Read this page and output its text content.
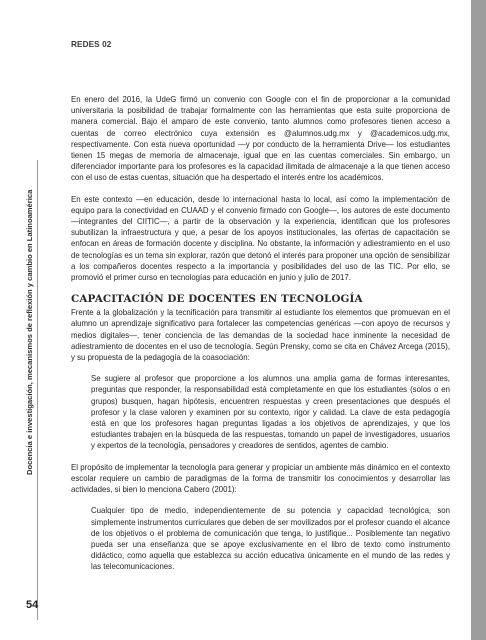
REDES 02
Docencia e investigación, mecanismos de reflexión y cambio en Latinoamérica

En enero del 2016, la UdeG firmó un convenio con Google con el fin de proporcionar a la comunidad universitaria la posibilidad de trabajar formalmente con las herramientas que esta suite proporciona de manera comercial. Bajo el amparo de este convenio, tanto alumnos como profesores tienen acceso a cuentas de correo electrónico cuya extensión es @alumnos.udg.mx y @academicos.udg.mx, respectivamente. Con esta nueva oportunidad —y por conducto de la herramienta Drive— los estudiantes tienen 15 megas de memoria de almacenaje, igual que en las cuentas comerciales. Sin embargo, un diferenciador importante para los profesores es la capacidad ilimitada de almacenaje a la que tienen acceso con el uso de estas cuentas, situación que ha despertado el interés entre los académicos.

En este contexto —en educación, desde lo internacional hasta lo local, así como la implementación de equipo para la conectividad en CUAAD y el convenio firmado con Google—, los autores de este documento —integrantes del CIITIC—, a partir de la observación y la experiencia, identifican que los profesores subutilizan la infraestructura y que, a pesar de los apoyos institucionales, las ofertas de capacitación se enfocan en áreas de formación docente y disciplina. No obstante, la información y adiestramiento en el uso de tecnologías es un tema sin explorar, razón que detonó el interés para proponer una opción de sensibilizar a los compañeros docentes respecto a la importancia y posibilidades del uso de las TIC. Por ello, se promovió el primer curso en tecnologías para educación en junio y julio de 2017.

CAPACITACIÓN DE DOCENTES EN TECNOLOGÍA

Frente a la globalización y la tecnificación para transmitir al estudiante los elementos que promuevan en el alumno un aprendizaje significativo para fortalecer las competencias genéricas —con apoyo de recursos y medios digitales—, tener conciencia de las demandas de la sociedad hace inminente la necesidad de adiestramiento de docentes en el uso de tecnología. Según Prensky, como se cita en Chávez Arcega (2015), y su propuesta de la pedagogía de la coasociación:

Se sugiere al profesor que proporcione a los alumnos una amplia gama de formas interesantes, preguntas que responder, la responsabilidad está completamente en que los estudiantes (solos o en grupos) busquen, hagan hipótesis, encuentren respuestas y creen presentaciones que después el profesor y la clase valoren y examinen por su contexto, rigor y calidad. La clave de esta pedagogía está en que los profesores hagan preguntas ligadas a los objetivos de aprendizajes, y que los estudiantes trabajen en la búsqueda de las respuestas, tomando un papel de investigadores, usuarios y expertos de la tecnología, pensadores y creadores de sentidos, agentes de cambio.

El propósito de implementar la tecnología para generar y propiciar un ambiente más dinámico en el contexto escolar requiere un cambio de paradigmas de la forma de transmitir los conocimientos y desarrollar las actividades, si bien lo menciona Cabero (2001):

Cualquier tipo de medio, independientemente de su potencia y capacidad tecnológica, son simplemente instrumentos curriculares que deben de ser movilizados por el profesor cuando el alcance de los objetivos o el problema de comunicación que tenga, lo justifique... Posiblemente tan negativo pueda ser una enseñanza que se apoye exclusivamente en el libro de texto como instrumento didáctico, como aquella que establezca su acción educativa únicamente en el mundo de las redes y las telecomunicaciones.
54
